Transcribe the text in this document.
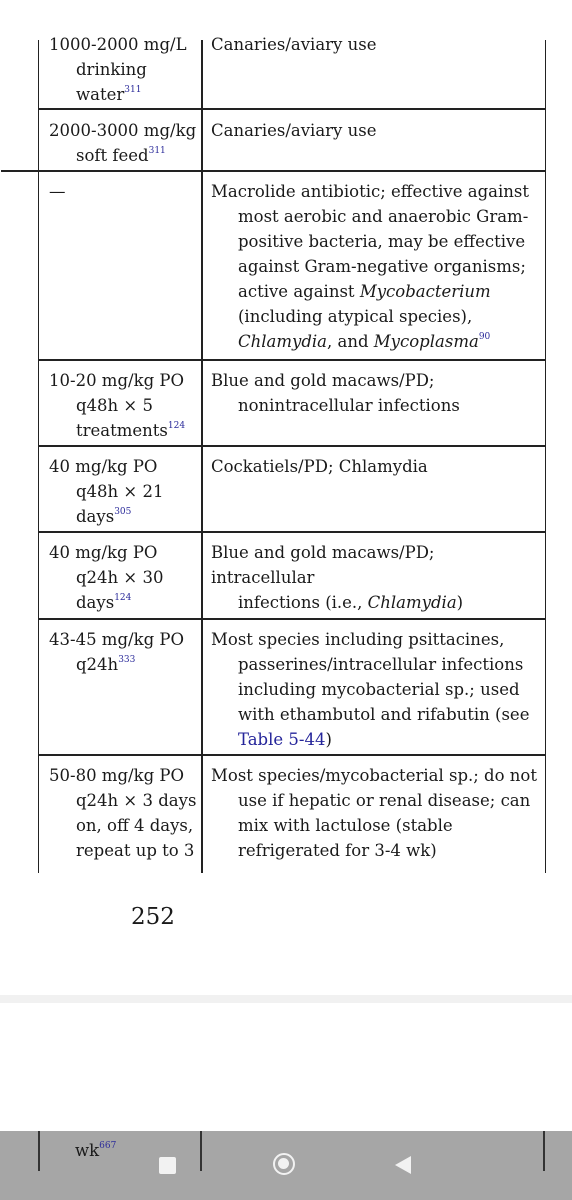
1000-2000 mg/L
drinking
water$^{311}$
Canaries/aviary use
2000-3000 mg/kg
soft feed$^{311}$
Canaries/aviary use
—	Macrolide antibiotic; effective against
most aerobic and anaerobic Gram-
positive bacteria, may be effective
against Gram-negative organisms;
active against Mycobacterium
(including atypical species),
Chlamydia, and Mycoplasma$^{90}$
10-20 mg/kg PO
q48h × 5
treatments$^{124}$
Blue and gold macaws/PD;
nonintracellular infections
40 mg/kg PO
q48h × 21
days$^{305}$
Cockatiels/PD; Chlamydia
40 mg/kg PO
q24h × 30
days$^{124}$
Blue and gold macaws/PD; intracellular
infections (i.e., Chlamydia)
43-45 mg/kg PO
$q24h^{333}$
Most species including psittacines,
passerines/intracellular infections
including mycobacterial sp.; used
with ethambutol and rifabutin (see
Table 5-44)
50-80 mg/kg PO
q24h × 3 days
on, off 4 days,
repeat up to 3
Most species/mycobacterial sp.; do not
use if hepatic or renal disease; can
mix with lactulose (stable
refrigerated for 3-4 wk)
252
$wk^{667}$
